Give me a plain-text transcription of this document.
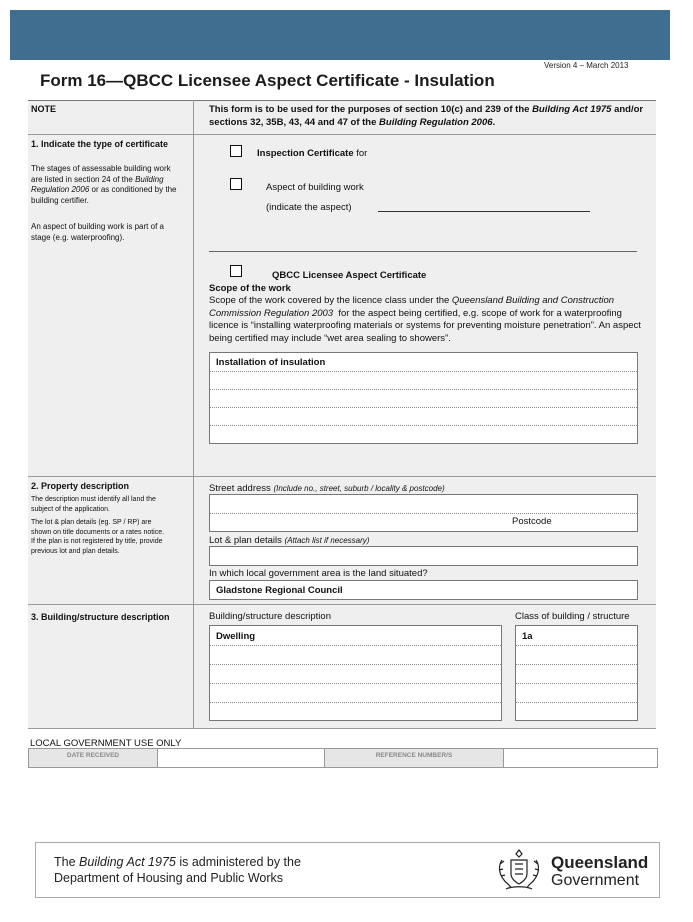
Version 4 – March 2013
Form 16—QBCC Licensee Aspect Certificate - Insulation
NOTE	This form is to be used for the purposes of section 10(c) and 239 of the Building Act 1975 and/or sections 32, 35B, 43, 44 and 47 of the Building Regulation 2006.
1. Indicate the type of certificate
The stages of assessable building work
are listed in section 24 of the Building
Regulation 2006 or as conditioned by the
building certifier.
An aspect of building work is part of a
stage (e.g. waterproofing).
Inspection Certificate for
Aspect of building work
(indicate the aspect)
QBCC Licensee Aspect Certificate
Scope of the work
Scope of the work covered by the licence class under the Queensland Building and Construction
Commission Regulation 2003 for the aspect being certified, e.g. scope of work for a waterproofing
licence is “installing waterproofing materials or systems for preventing moisture penetration”. An aspect
being certified may include “wet area sealing to showers”.
Installation of insulation
2. Property description
The description must identify all land the
subject of the application.
The lot & plan details (eg. SP / RP) are
shown on title documents or a rates notice.
If the plan is not registered by title, provide
previous lot and plan details.
Street address (Include no., street, suburb / locality & postcode)
Postcode
Lot & plan details (Attach list if necessary)
In which local government area is the land situated?
Gladstone Regional Council
3. Building/structure description	Building/structure description	Class of building / structure
Dwelling	1a
LOCAL GOVERNMENT USE ONLY
DATE RECEIVED	REFERENCE NUMBER/S
The Building Act 1975 is administered by the
Department of Housing and Public Works
Queensland
Government
